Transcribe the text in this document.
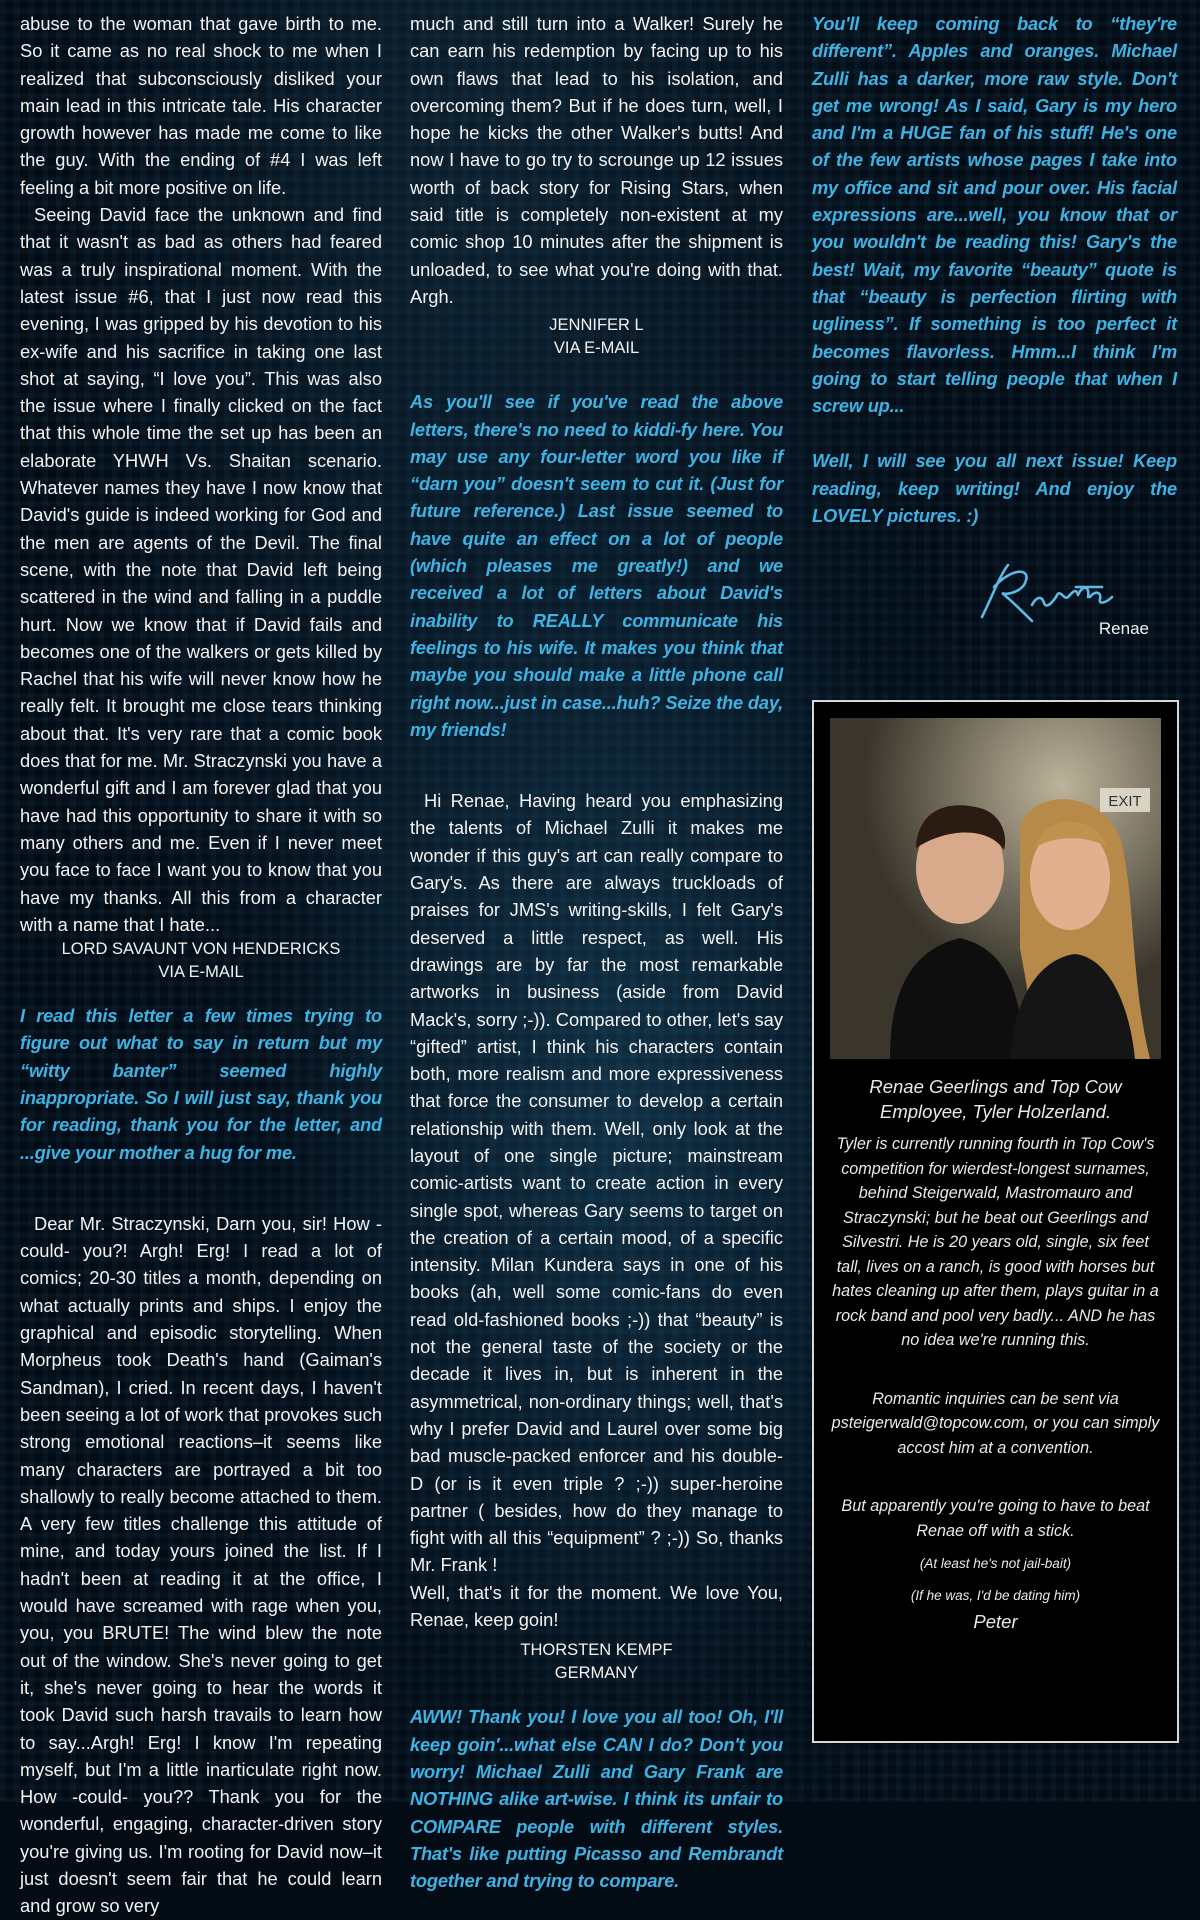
abuse to the woman that gave birth to me. So it came as no real shock to me when I realized that subconsciously disliked your main lead in this intricate tale. His character growth however has made me come to like the guy. With the ending of #4 I was left feeling a bit more positive on life.

Seeing David face the unknown and find that it wasn't as bad as others had feared was a truly inspirational moment. With the latest issue #6, that I just now read this evening, I was gripped by his devotion to his ex-wife and his sacrifice in taking one last shot at saying, “I love you”. This was also the issue where I finally clicked on the fact that this whole time the set up has been an elaborate YHWH Vs. Shaitan scenario. Whatever names they have I now know that David's guide is indeed working for God and the men are agents of the Devil. The final scene, with the note that David left being scattered in the wind and falling in a puddle hurt. Now we know that if David fails and becomes one of the walkers or gets killed by Rachel that his wife will never know how he really felt. It brought me close tears thinking about that. It's very rare that a comic book does that for me. Mr. Straczynski you have a wonderful gift and I am forever glad that you have had this opportunity to share it with so many others and me. Even if I never meet you face to face I want you to know that you have my thanks. All this from a character with a name that I hate...

LORD SAVAUNT VON HENDERICKS
VIA E-MAIL

I read this letter a few times trying to figure out what to say in return but my “witty banter” seemed highly inappropriate. So I will just say, thank you for reading, thank you for the letter, and ...give your mother a hug for me.

Dear Mr. Straczynski, Darn you, sir! How -could- you?! Argh! Erg! I read a lot of comics; 20-30 titles a month, depending on what actually prints and ships. I enjoy the graphical and episodic storytelling. When Morpheus took Death's hand (Gaiman's Sandman), I cried. In recent days, I haven't been seeing a lot of work that provokes such strong emotional reactions–it seems like many characters are portrayed a bit too shallowly to really become attached to them. A very few titles challenge this attitude of mine, and today yours joined the list. If I hadn't been at reading it at the office, I would have screamed with rage when you, you, you BRUTE! The wind blew the note out of the window. She's never going to get it, she's never going to hear the words it took David such harsh travails to learn how to say...Argh! Erg! I know I'm repeating myself, but I'm a little inarticulate right now. How -could- you?? Thank you for the wonderful, engaging, character-driven story you're giving us. I'm rooting for David now–it just doesn't seem fair that he could learn and grow so very

much and still turn into a Walker! Surely he can earn his redemption by facing up to his own flaws that lead to his isolation, and overcoming them? But if he does turn, well, I hope he kicks the other Walker's butts! And now I have to go try to scrounge up 12 issues worth of back story for Rising Stars, when said title is completely non-existent at my comic shop 10 minutes after the shipment is unloaded, to see what you're doing with that. Argh.

JENNIFER L
VIA E-MAIL

As you'll see if you've read the above letters, there's no need to kiddi-fy here. You may use any four-letter word you like if “darn you” doesn't seem to cut it. (Just for future reference.) Last issue seemed to have quite an effect on a lot of people (which pleases me greatly!) and we received a lot of letters about David's inability to REALLY communicate his feelings to his wife. It makes you think that maybe you should make a little phone call right now...just in case...huh? Seize the day, my friends!

Hi Renae, Having heard you emphasizing the talents of Michael Zulli it makes me wonder if this guy's art can really compare to Gary's. As there are always truckloads of praises for JMS's writing-skills, I felt Gary's deserved a little respect, as well. His drawings are by far the most remarkable artworks in business (aside from David Mack's, sorry ;-)). Compared to other, let's say “gifted” artist, I think his characters contain both, more realism and more expressiveness that force the consumer to develop a certain relationship with them. Well, only look at the layout of one single picture; mainstream comic-artists want to create action in every single spot, whereas Gary seems to target on the creation of a certain mood, of a specific intensity. Milan Kundera says in one of his books (ah, well some comic-fans do even read old-fashioned books ;-)) that “beauty” is not the general taste of the society or the decade it lives in, but is inherent in the asymmetrical, non-ordinary things; well, that's why I prefer David and Laurel over some big bad muscle-packed enforcer and his double-D (or is it even triple ? ;-)) super-heroine partner ( besides, how do they manage to fight with all this “equipment” ? ;-)) So, thanks Mr. Frank !

Well, that's it for the moment. We love You, Renae, keep goin!

THORSTEN KEMPF
GERMANY

AWW! Thank you! I love you all too! Oh, I'll keep goin'...what else CAN I do? Don't you worry! Michael Zulli and Gary Frank are NOTHING alike art-wise. I think its unfair to COMPARE people with different styles. That's like putting Picasso and Rembrandt together and trying to compare.

You'll keep coming back to “they're different”. Apples and oranges. Michael Zulli has a darker, more raw style. Don't get me wrong! As I said, Gary is my hero and I'm a HUGE fan of his stuff! He's one of the few artists whose pages I take into my office and sit and pour over. His facial expressions are...well, you know that or you wouldn't be reading this! Gary's the best! Wait, my favorite “beauty” quote is that “beauty is perfection flirting with ugliness”. If something is too perfect it becomes flavorless. Hmm...I think I'm going to start telling people that when I screw up...

Well, I will see you all next issue! Keep reading, keep writing! And enjoy the LOVELY pictures. :)

Renae
EXIT
Renae Geerlings and Top Cow Employee, Tyler Holzerland.
Tyler is currently running fourth in Top Cow's competition for wierdest-longest surnames, behind Steigerwald, Mastromauro and Straczynski; but he beat out Geerlings and Silvestri. He is 20 years old, single, six feet tall, lives on a ranch, is good with horses but hates cleaning up after them, plays guitar in a rock band and pool very badly... AND he has no idea we're running this.
Romantic inquiries can be sent via psteigerwald@topcow.com, or you can simply accost him at a convention.
But apparently you're going to have to beat Renae off with a stick.
(At least he's not jail-bait)
(If he was, I'd be dating him)
Peter
